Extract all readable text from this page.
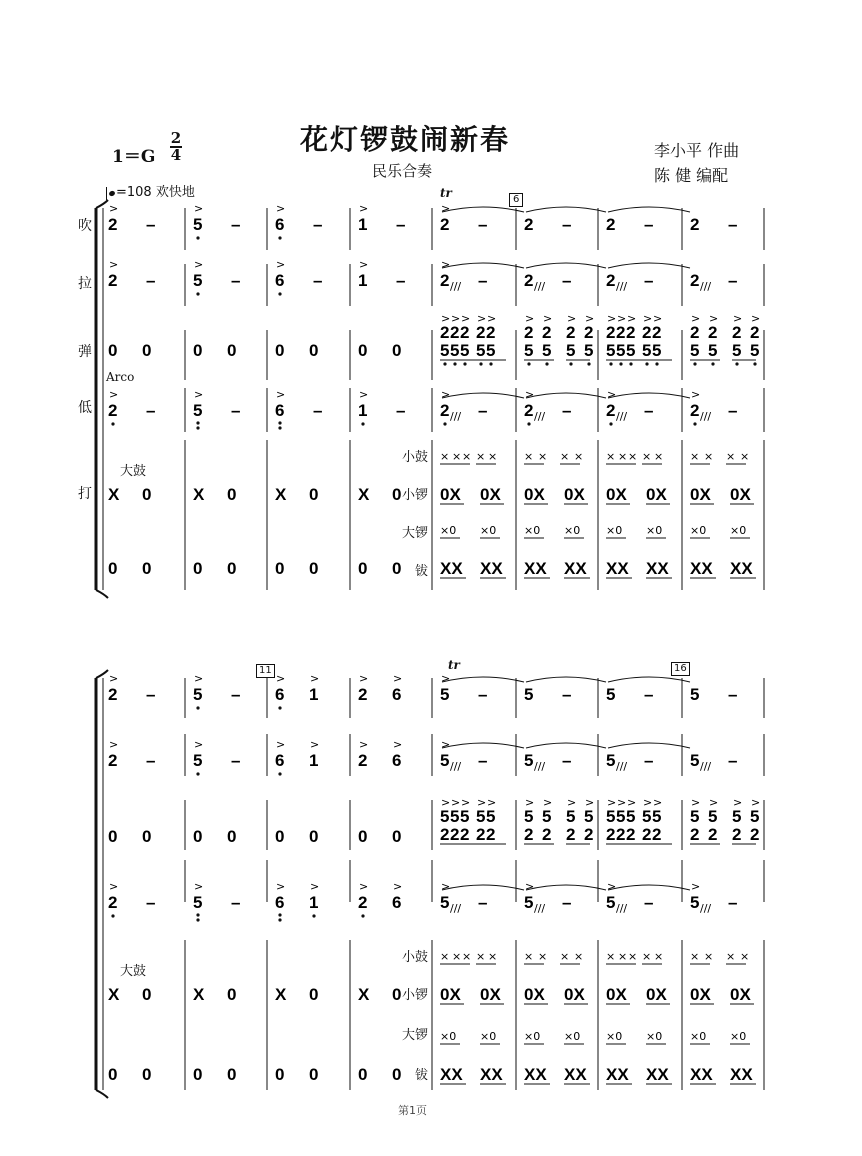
花灯锣鼓闹新春
民乐合奏
李小平 作曲
陈 健 编配
1＝G
2
4
=108 欢快地
吹
拉
弹
低
打
Arco
大鼓
大鼓
小鼓
小锣
大锣
钹
小鼓
小锣
大锣
钹
tr
tr
6
11	16
>
2 –
>
5 –
>
6 –
>
1 –
>
2 – 2 – 2 – 2 –
>
2 –
>
5 –
>
6 –
>
1 –
>
2 /// – 2 /// – 2 /// – 2 /// –
0 0 0 0 0 0 0 0
>
2
5
>
2
5
>
2
5
>
2
5
>
2
5
>
2
5
>
2
5
>
2
5
>
2
5
>
2
5
>
2
5
>
2
5
>
2
5
>
2
5
>
2
5
>
2
5
>
2
5
>
2
5
>
2 –
>
5 –
>
6 –
>
1 –
>
2 /// –
>
2 /// –
>
2 /// –
>
2 /// –
× × × × × × × × × × × × × × × × × ×
X 0 X 0 X 0 X 0 0X 0X 0X 0X 0X 0X 0X 0X
×0 ×0	×0 ×0 ×0 ×0	×0 ×0
0 0 0 0 0 0 0 0 XX XX XX XX XX XX XX XX
>
2 –
>
5 –
>
6
>
1
>
2
>
6
>
5 – 5 – 5 – 5 –
>
2 –
>
5 –
>
6
>
1
>
2
>
6
>
5 /// – 5 /// – 5 /// – 5 /// –
0 0 0 0 0 0 0 0
>
5
2
>
5
2
>
5
2
>
5
2
>
5
2
>
5
2
>
5
2
>
5
2
>
5
2
>
5
2
>
5
2
>
5
2
>
5
2
>
5
2
>
5
2
>
5
2
>
5
2
>
5
2
>
2 –
>
5 –
>
6
>
1
>
2
>
6
>
5 /// –
>
5 /// –
>
5 /// –
>
5 /// –
× × × × × × × × × × × × × × × × × ×
X 0 X 0 X 0 X 0 0X 0X 0X 0X 0X 0X 0X 0X
×0 ×0	×0 ×0 ×0 ×0	×0 ×0
0 0 0 0 0 0 0 0 XX XX XX XX XX XX XX XX
第1页
